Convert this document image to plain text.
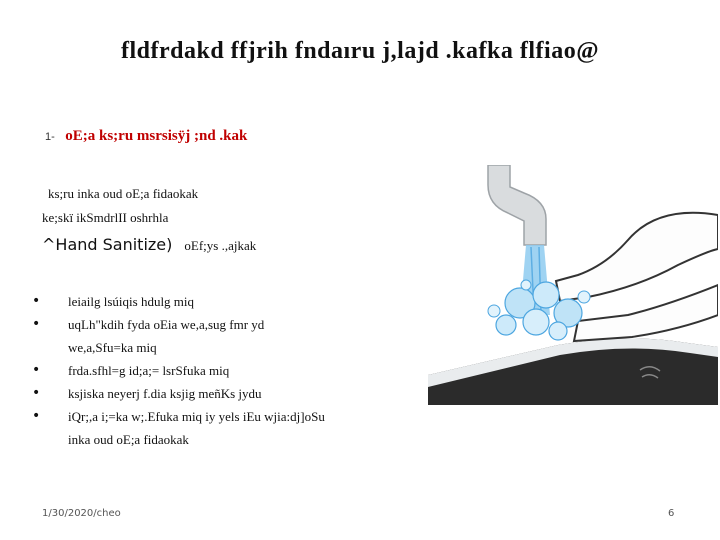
fldfrdakd ffjrih fndaıru j,lajd .kafka flfiao@
1- oE;a ks;ru msrsisÿj ;nd .kak
ks;ru inka oud oE;a fidaokak
ke;skï ikSmdrlII oshrhla
^Hand Sanitize) oEf;ys .,ajkak
• leiailg lsúiqis hdulg miq
• uqLh"kdih fyda oEia we,a,sug fmr yd
we,a,Sfu=ka miq
• frda.sfhl=g id;a;= lsrSfuka miq
• ksjiska neyerj f.dia ksjig meñKs jydu
• iQr;,a i;=ka w;.Efuka miq iy yels iEu wjia:dj]oSu
inka oud oE;a fidaokak
1/30/2020/cheo	6
